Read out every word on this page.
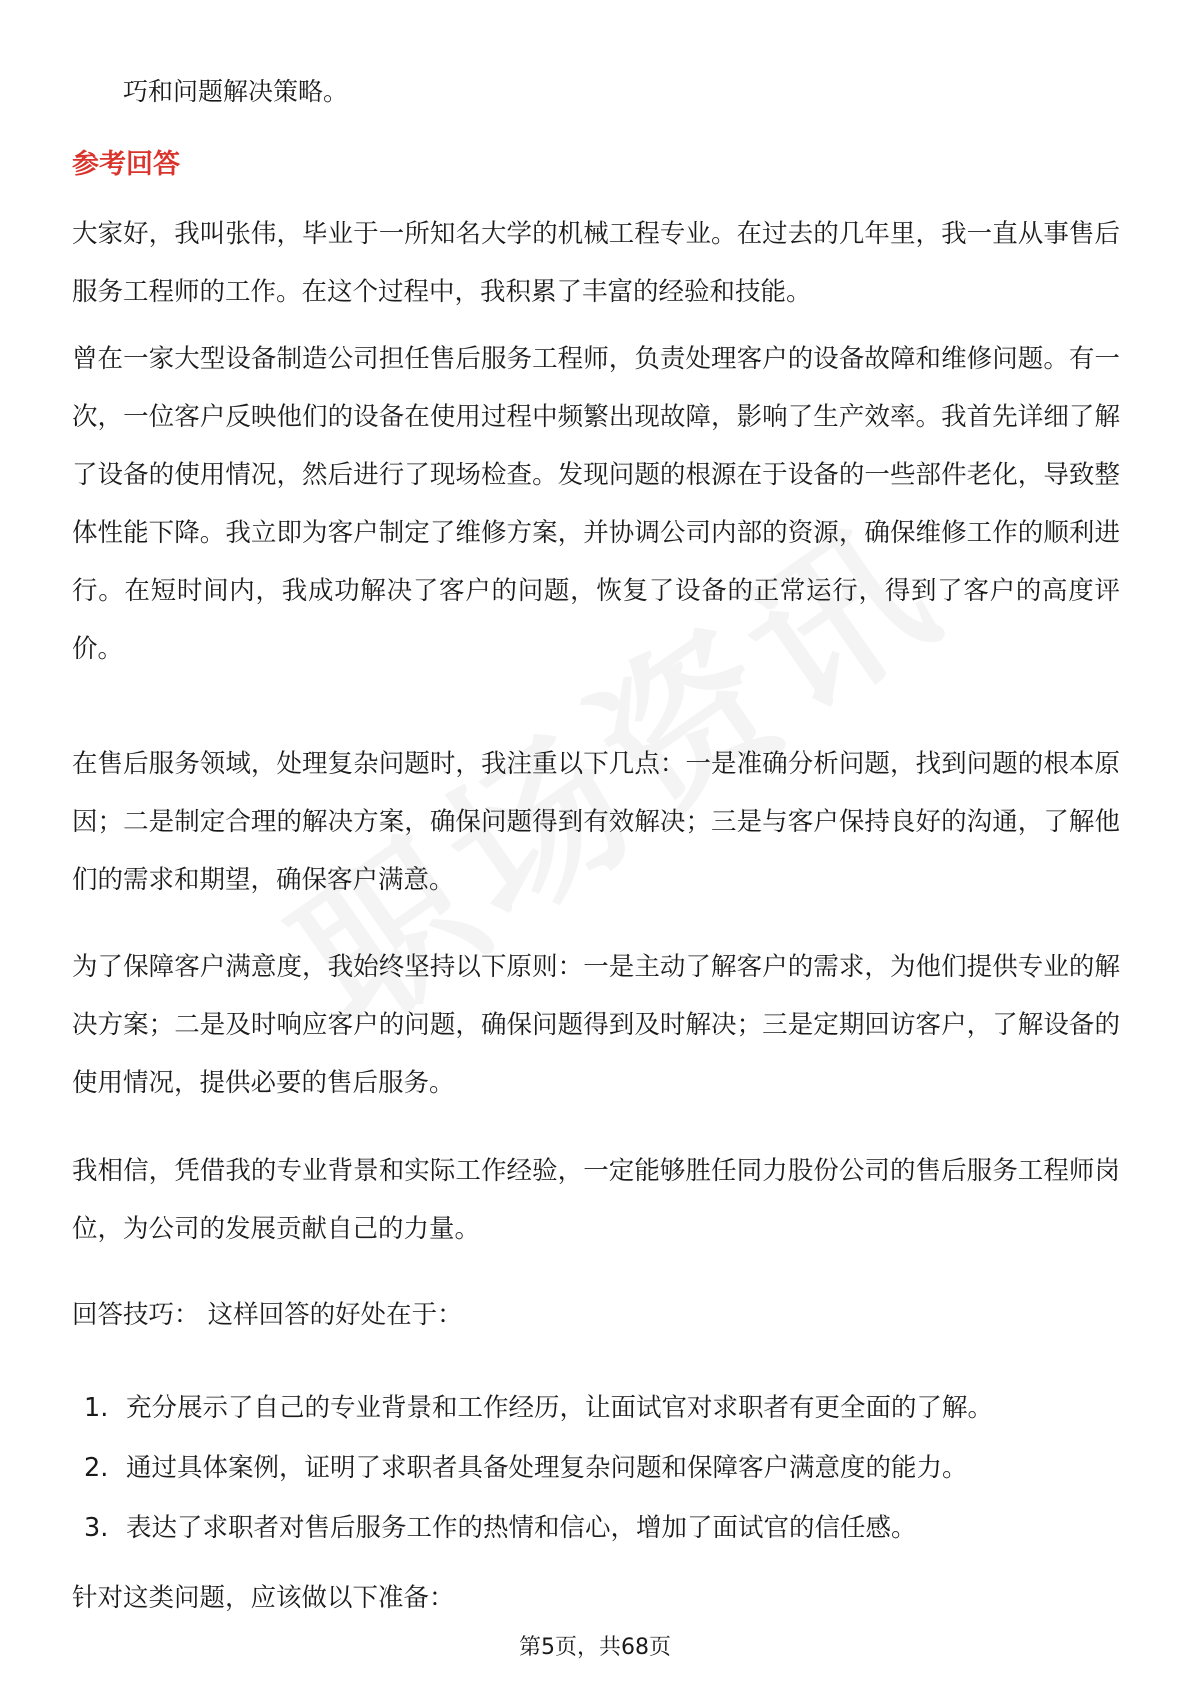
巧和问题解决策略。
参考回答

大家好，我叫张伟，毕业于一所知名大学的机械工程专业。在过去的几年里，我一直从事售后服务工程师的工作。在这个过程中，我积累了丰富的经验和技能。

曾在一家大型设备制造公司担任售后服务工程师，负责处理客户的设备故障和维修问题。有一次，一位客户反映他们的设备在使用过程中频繁出现故障，影响了生产效率。我首先详细了解了设备的使用情况，然后进行了现场检查。发现问题的根源在于设备的一些部件老化，导致整体性能下降。我立即为客户制定了维修方案，并协调公司内部的资源，确保维修工作的顺利进行。在短时间内，我成功解决了客户的问题，恢复了设备的正常运行，得到了客户的高度评价。

在售后服务领域，处理复杂问题时，我注重以下几点：一是准确分析问题，找到问题的根本原因；二是制定合理的解决方案，确保问题得到有效解决；三是与客户保持良好的沟通，了解他们的需求和期望，确保客户满意。

为了保障客户满意度，我始终坚持以下原则：一是主动了解客户的需求，为他们提供专业的解决方案；二是及时响应客户的问题，确保问题得到及时解决；三是定期回访客户，了解设备的使用情况，提供必要的售后服务。

我相信，凭借我的专业背景和实际工作经验，一定能够胜任同力股份公司的售后服务工程师岗位，为公司的发展贡献自己的力量。

回答技巧： 这样回答的好处在于：
1. 充分展示了自己的专业背景和工作经历，让面试官对求职者有更全面的了解。
2. 通过具体案例，证明了求职者具备处理复杂问题和保障客户满意度的能力。
3. 表达了求职者对售后服务工作的热情和信心，增加了面试官的信任感。
针对这类问题，应该做以下准备：
第5页，共68页
